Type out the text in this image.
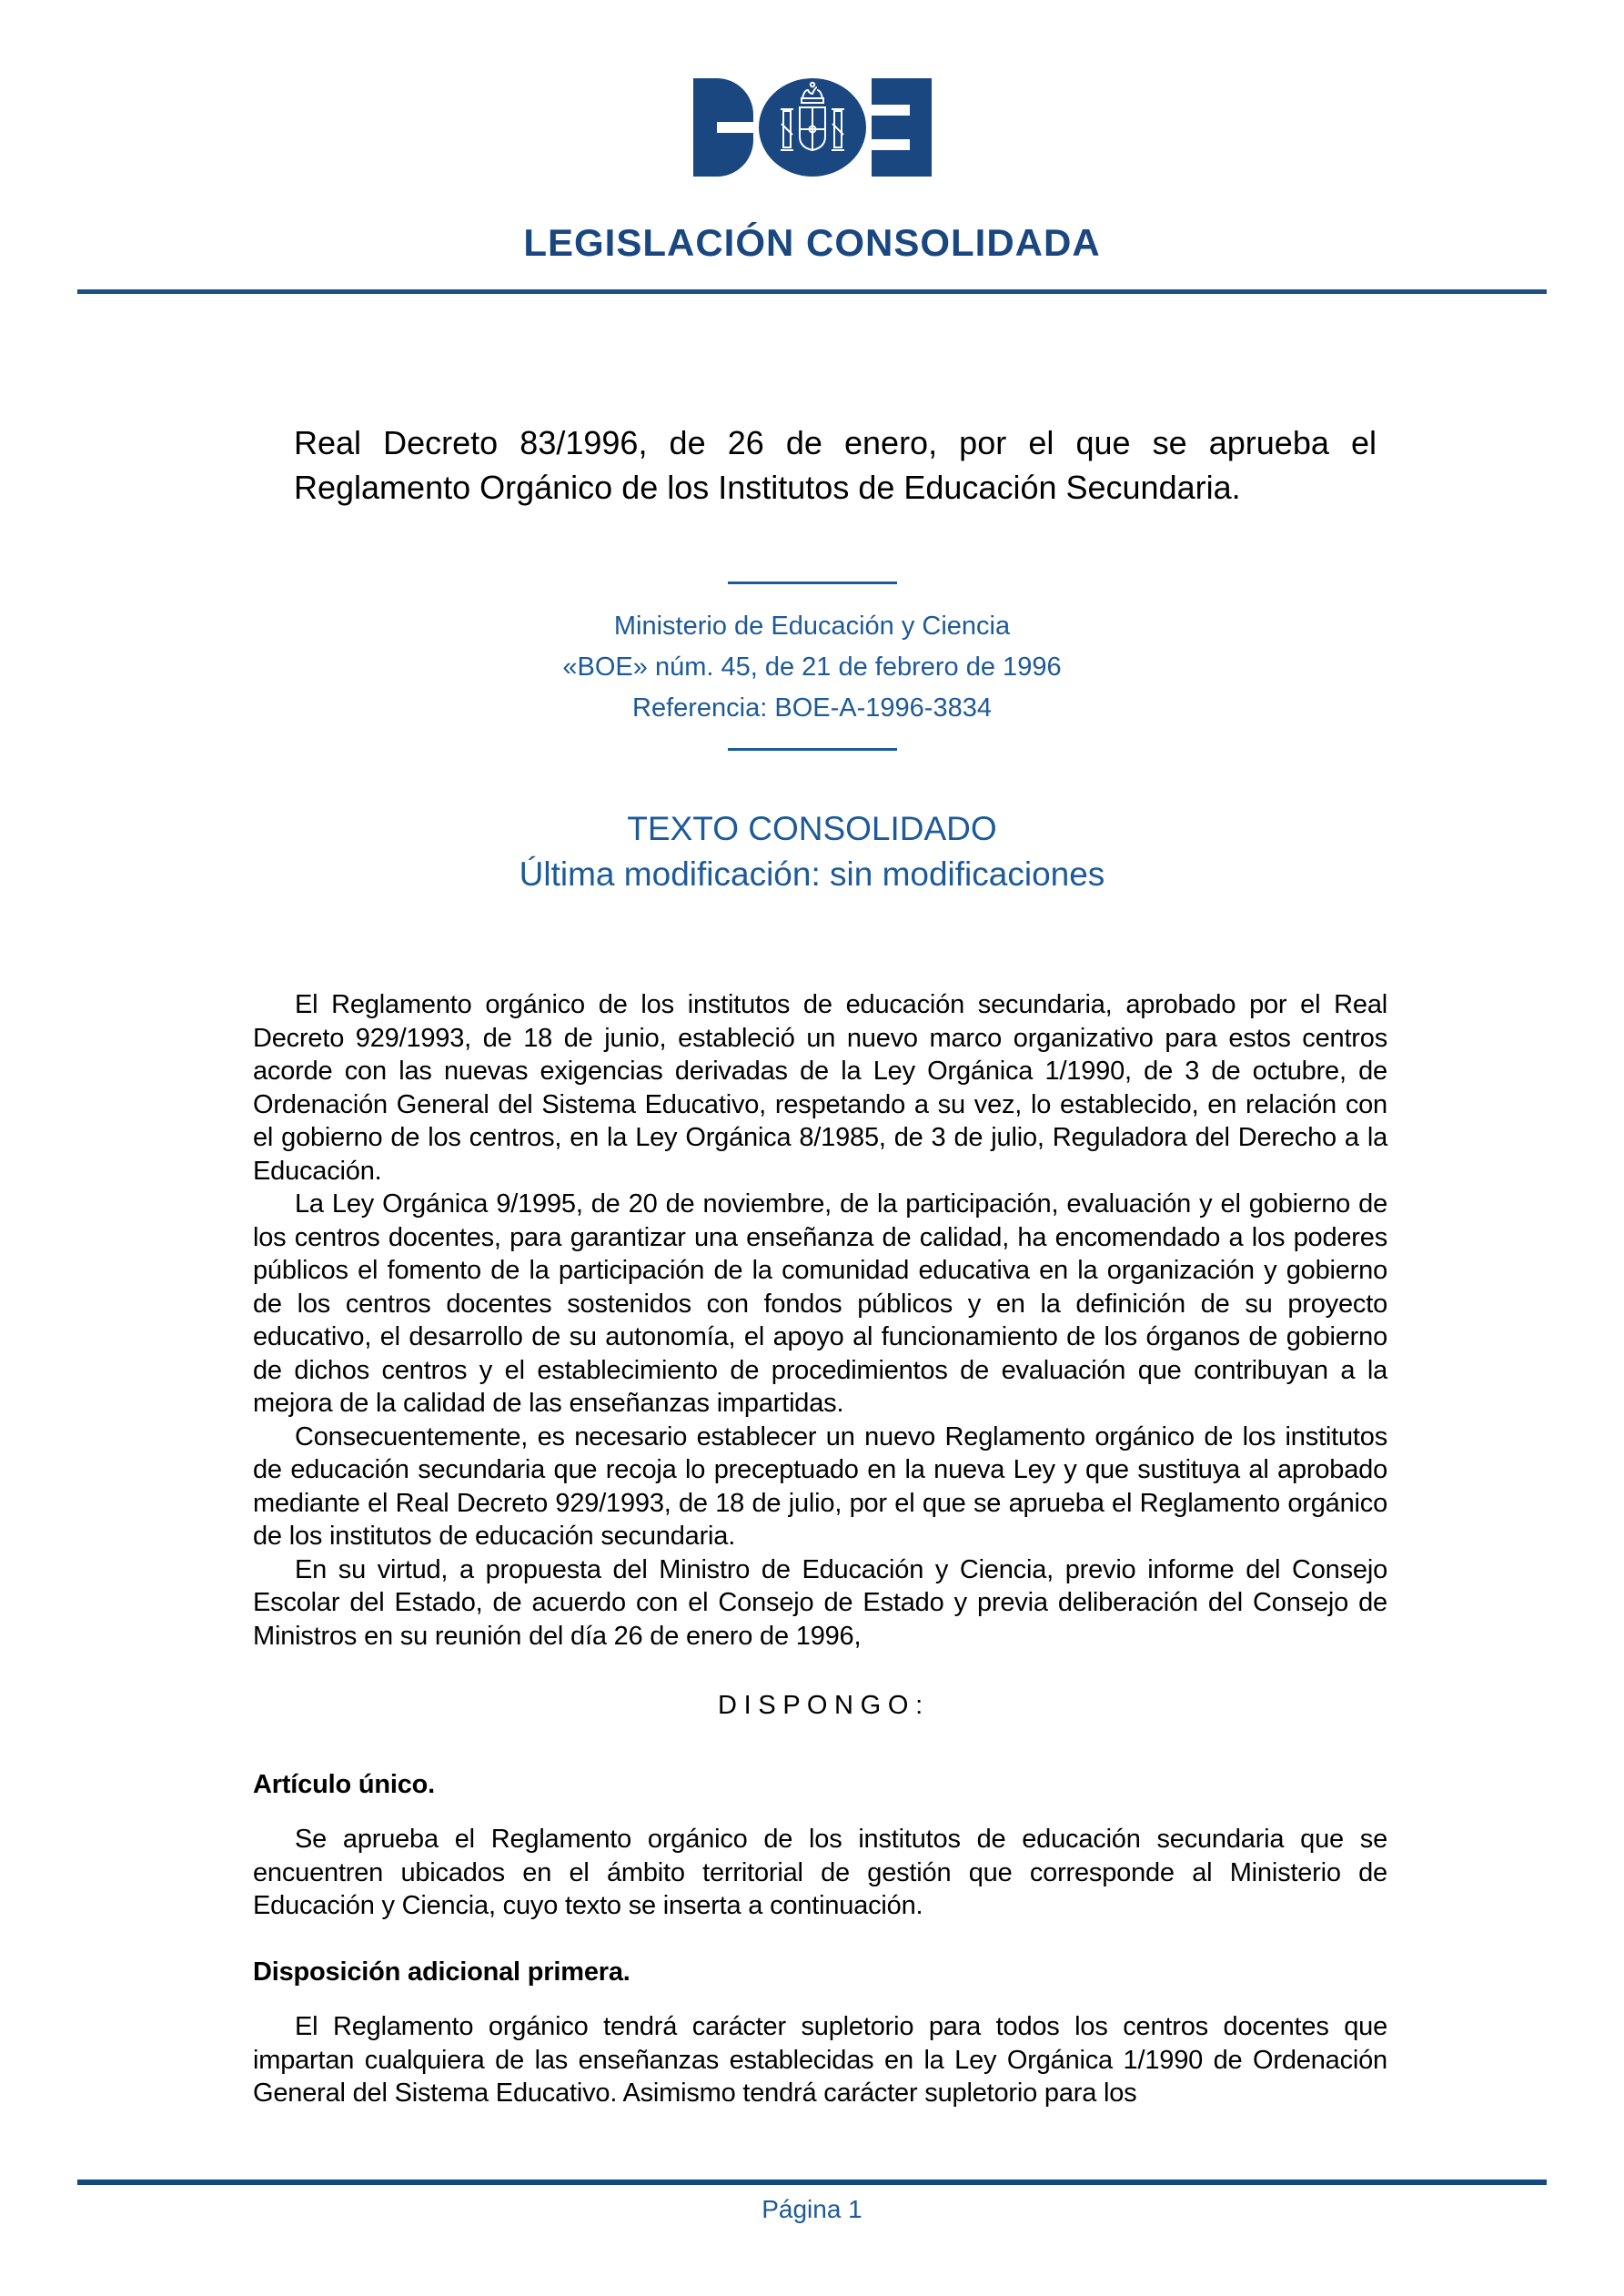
LEGISLACIÓN CONSOLIDADA
Real Decreto 83/1996, de 26 de enero, por el que se aprueba el Reglamento Orgánico de los Institutos de Educación Secundaria.
Ministerio de Educación y Ciencia
«BOE» núm. 45, de 21 de febrero de 1996
Referencia: BOE-A-1996-3834
TEXTO CONSOLIDADO
Última modificación: sin modificaciones

El Reglamento orgánico de los institutos de educación secundaria, aprobado por el Real Decreto 929/1993, de 18 de junio, estableció un nuevo marco organizativo para estos centros acorde con las nuevas exigencias derivadas de la Ley Orgánica 1/1990, de 3 de octubre, de Ordenación General del Sistema Educativo, respetando a su vez, lo establecido, en relación con el gobierno de los centros, en la Ley Orgánica 8/1985, de 3 de julio, Reguladora del Derecho a la Educación.

La Ley Orgánica 9/1995, de 20 de noviembre, de la participación, evaluación y el gobierno de los centros docentes, para garantizar una enseñanza de calidad, ha encomendado a los poderes públicos el fomento de la participación de la comunidad educativa en la organización y gobierno de los centros docentes sostenidos con fondos públicos y en la definición de su proyecto educativo, el desarrollo de su autonomía, el apoyo al funcionamiento de los órganos de gobierno de dichos centros y el establecimiento de procedimientos de evaluación que contribuyan a la mejora de la calidad de las enseñanzas impartidas.

Consecuentemente, es necesario establecer un nuevo Reglamento orgánico de los institutos de educación secundaria que recoja lo preceptuado en la nueva Ley y que sustituya al aprobado mediante el Real Decreto 929/1993, de 18 de julio, por el que se aprueba el Reglamento orgánico de los institutos de educación secundaria.

En su virtud, a propuesta del Ministro de Educación y Ciencia, previo informe del Consejo Escolar del Estado, de acuerdo con el Consejo de Estado y previa deliberación del Consejo de Ministros en su reunión del día 26 de enero de 1996,

D I S P O N G O :

Artículo único.

Se aprueba el Reglamento orgánico de los institutos de educación secundaria que se encuentren ubicados en el ámbito territorial de gestión que corresponde al Ministerio de Educación y Ciencia, cuyo texto se inserta a continuación.

Disposición adicional primera.

El Reglamento orgánico tendrá carácter supletorio para todos los centros docentes que impartan cualquiera de las enseñanzas establecidas en la Ley Orgánica 1/1990 de Ordenación General del Sistema Educativo. Asimismo tendrá carácter supletorio para los

Página 1
